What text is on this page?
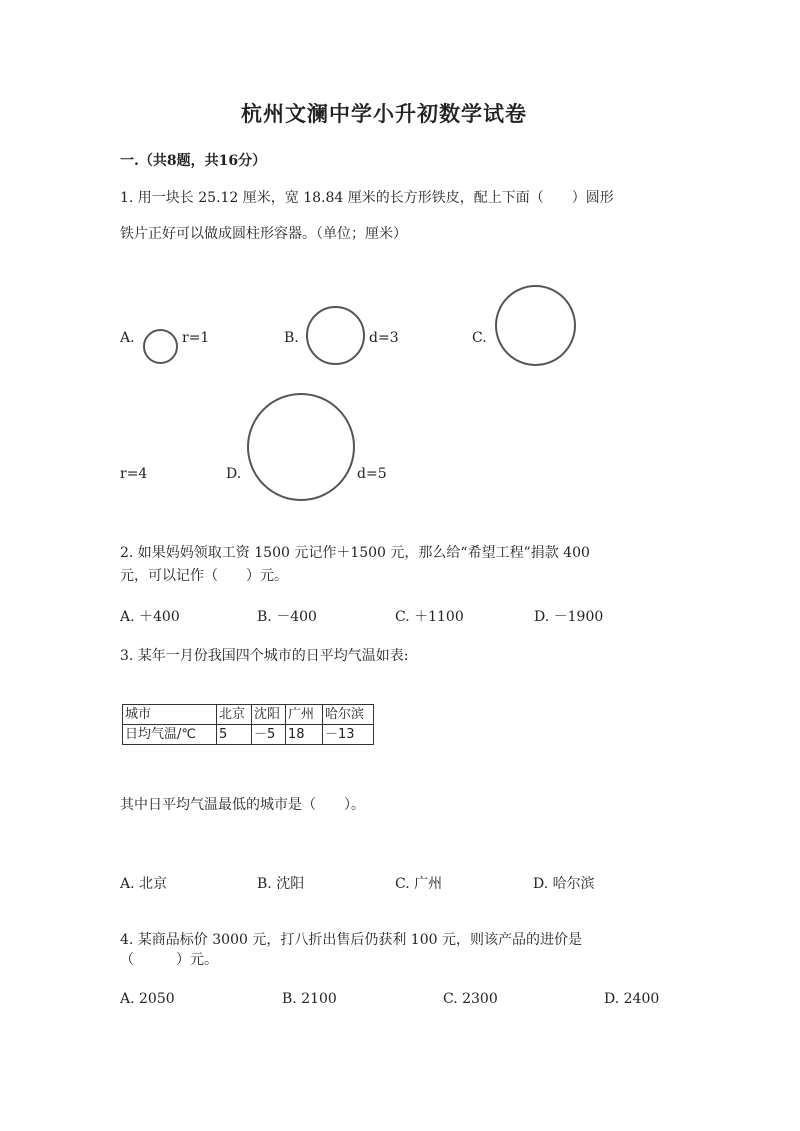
杭州文澜中学小升初数学试卷
一.（共8题，共16分）
1. 用一块长 25.12 厘米，宽 18.84 厘米的长方形铁皮，配上下面（　　）圆形
铁片正好可以做成圆柱形容器。（单位；厘米）
A.	r=1	B.	d=3	C.
r=4	D.	d=5
2. 如果妈妈领取工资 1500 元记作＋1500 元，那么给“希望工程”捐款 400
元，可以记作（　　）元。
A. ＋400	B. －400	C. ＋1100	D. －1900
3. 某年一月份我国四个城市的日平均气温如表:
城市	北京	沈阳	广州	哈尔滨
日均气温/℃	5	－5	18	－13
其中日平均气温最低的城市是（　　）。
A. 北京	B. 沈阳	C. 广州	D. 哈尔滨
4. 某商品标价 3000 元，打八折出售后仍获利 100 元，则该产品的进价是
（　　　）元。
A. 2050	B. 2100	C. 2300	D. 2400
